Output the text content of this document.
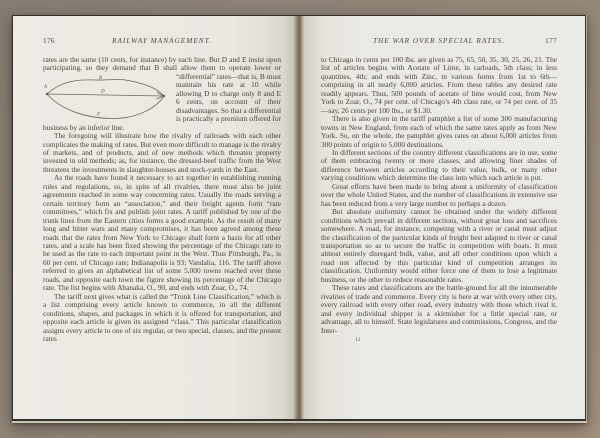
176	RAILWAY MANAGEMENT.

rates are the same (10 cents, for instance) by each line. But D and E insist upon participating, so they demand that B shall allow
A
B
D
E
them to operate lower or “differential” rates—that is, B must maintain his rate at 10 while allowing D to charge only 8 and E 6 cents, on account of their disadvantages. So that a differential is practically a premium offered for business by an inferior line.

The foregoing will illustrate how the rivalry of railroads with each other complicates the making of rates. But even more difficult to manage is the rivalry of markets, and of products, and of new methods which threaten property invested in old methods; as, for instance, the dressed-beef traffic from the West threatens the investments in slaughter-houses and stock-yards in the East.

As the roads have found it necessary to act together in establishing running rules and regulations, so, in spite of all rivalries, there must also be joint agreements reached in some way concerning rates. Usually the roads serving a certain territory form an “association,” and their freight agents form “rate committees,” which fix and publish joint rates. A tariff published by one of the trunk lines from the Eastern cities forms a good example. As the result of many long and bitter wars and many compromises, it has been agreed among these roads that the rates from New York to Chicago shall form a basis for all other rates, and a scale has been fixed showing the percentage of the Chicago rate to be used as the rate to each important point in the West. Thus Pittsburgh, Pa., is 60 per cent. of Chicago rate; Indianapolis is 93; Vandalia, 116. The tariff above referred to gives an alphabetical list of some 5,000 towns reached over these roads, and opposite each town the figure showing its percentage of the Chicago rate. The list begins with Abanaka, O., 90, and ends with Zoar, O., 74.

The tariff next gives what is called the “Trunk Line Classification,” which is a list comprising every article known to commerce, in all the different conditions, shapes, and packages in which it is offered for transportation, and opposite each article is given its assigned “class.” This particular classification assigns every article to one of six regular, or two special, classes, and the present rates

THE WAR OVER SPECIAL RATES.	177

to Chicago in cents per 100 lbs. are given as 75, 65, 50, 35, 30, 25, 26, 21. The list of articles begins with Acetate of Lime, in carloads, 5th class; in less quantities, 4th; and ends with Zinc, in various forms from 1st to 6th—comprising in all nearly 6,000 articles. From these tables any desired rate readily appears. Thus, 500 pounds of acetate of lime would cost, from New York to Zoar, O., 74 per cent. of Chicago’s 4th class rate, or 74 per cent. of 35—say, 26 cents per 100 lbs., or $1.30.

There is also given in the tariff pamphlet a list of some 300 manufacturing towns in New England, from each of which the same rates apply as from New York. So, on the whole, the pamphlet gives rates on about 6,000 articles from 300 points of origin to 5,000 destinations.

In different sections of the country different classifications are in use, some of them embracing twenty or more classes, and allowing finer shades of difference between articles according to their value, bulk, or many other varying conditions which determine the class into which each article is put.

Great efforts have been made to bring about a uniformity of classification over the whole United States, and the number of classifications in extensive use has been reduced from a very large number to perhaps a dozen.

But absolute uniformity cannot be obtained under the widely different conditions which prevail in different sections, without great loss and sacrifices somewhere. A road, for instance, competing with a river or canal must adjust the classification of the particular kinds of freight best adapted to river or canal transportation so as to secure the traffic in competition with boats. It must almost entirely disregard bulk, value, and all other conditions upon which a road not affected by this particular kind of competition arranges its classification. Uniformity would either force one of them to lose a legitimate business, or the other to reduce reasonable rates.

These rates and classifications are the battle-ground for all the innumerable rivalries of trade and commerce. Every city is here at war with every other city, every railroad with every other road, every industry with those which rival it, and every individual shipper is a skirmisher for a little special rate, or advantage, all to himself. State legislatures and commissions, Congress, and the Inter-

12
